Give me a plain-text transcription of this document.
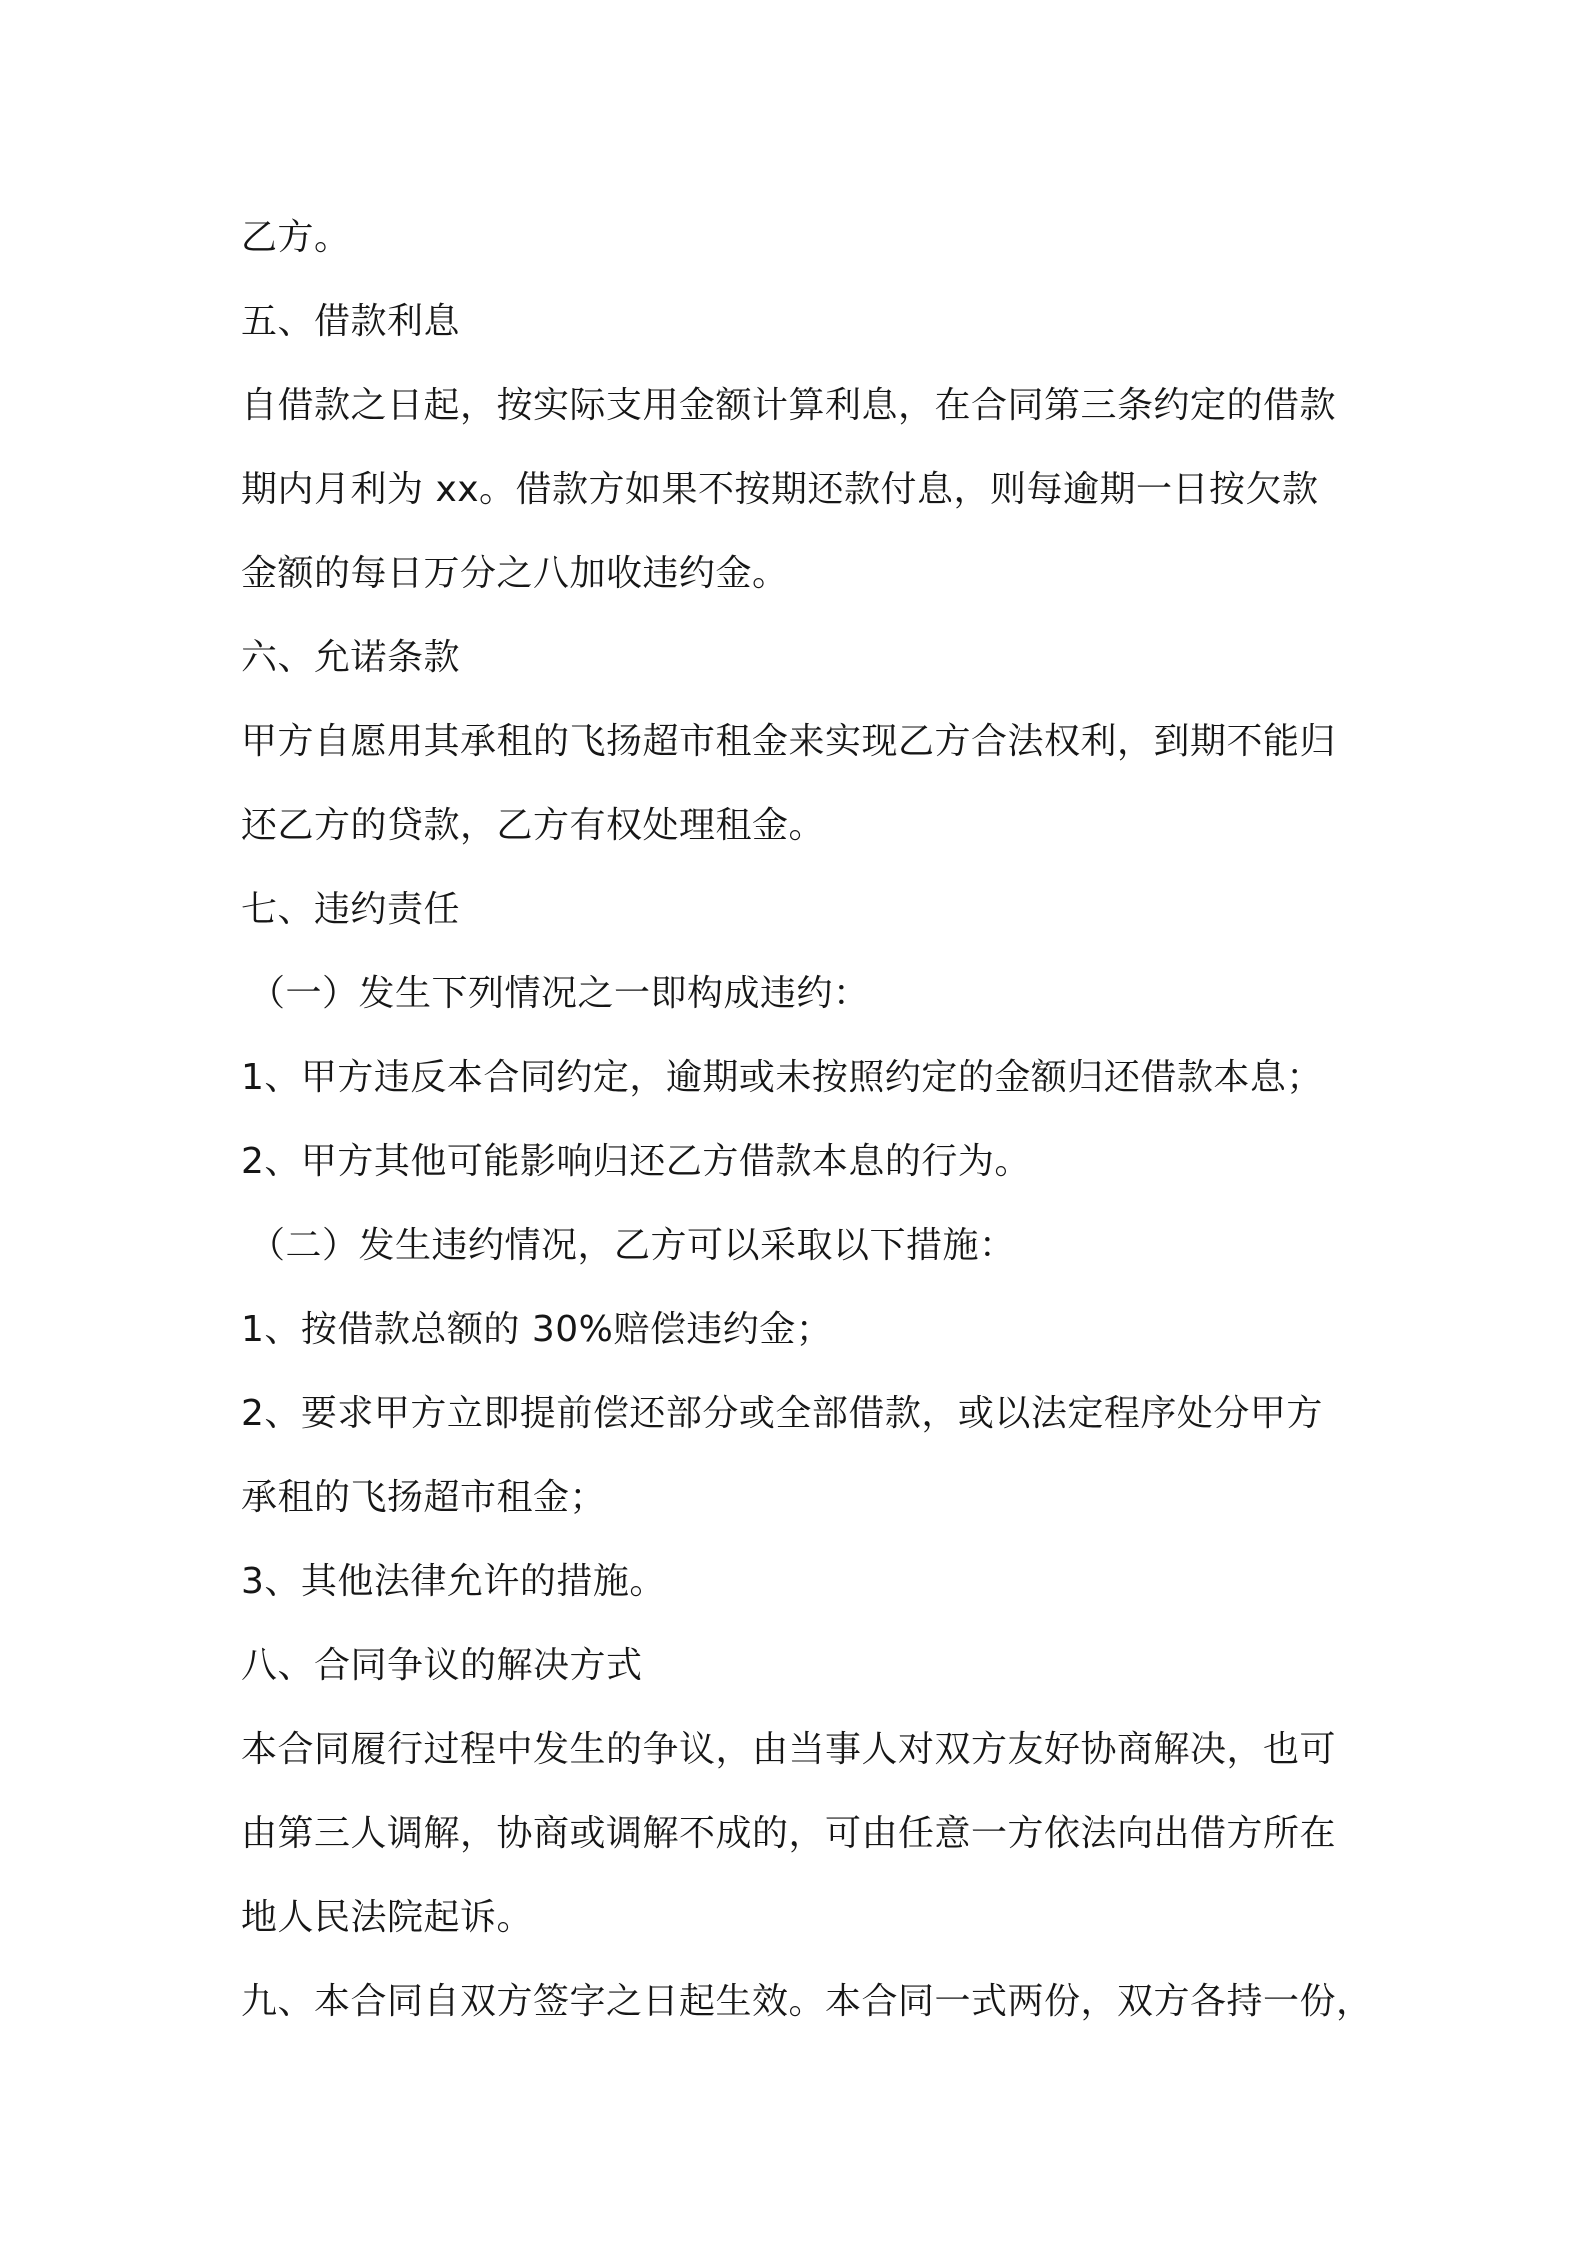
乙方。

五、借款利息

自借款之日起，按实际支用金额计算利息，在合同第三条约定的借款

期内月利为 xx。借款方如果不按期还款付息，则每逾期一日按欠款

金额的每日万分之八加收违约金。

六、允诺条款

甲方自愿用其承租的飞扬超市租金来实现乙方合法权利，到期不能归

还乙方的贷款，乙方有权处理租金。

七、违约责任

（一）发生下列情况之一即构成违约：

1、甲方违反本合同约定，逾期或未按照约定的金额归还借款本息；

2、甲方其他可能影响归还乙方借款本息的行为。

（二）发生违约情况，乙方可以采取以下措施：

1、按借款总额的 30%赔偿违约金；

2、要求甲方立即提前偿还部分或全部借款，或以法定程序处分甲方

承租的飞扬超市租金；

3、其他法律允许的措施。

八、合同争议的解决方式

本合同履行过程中发生的争议，由当事人对双方友好协商解决，也可

由第三人调解，协商或调解不成的，可由任意一方依法向出借方所在

地人民法院起诉。

九、本合同自双方签字之日起生效。本合同一式两份，双方各持一份，
